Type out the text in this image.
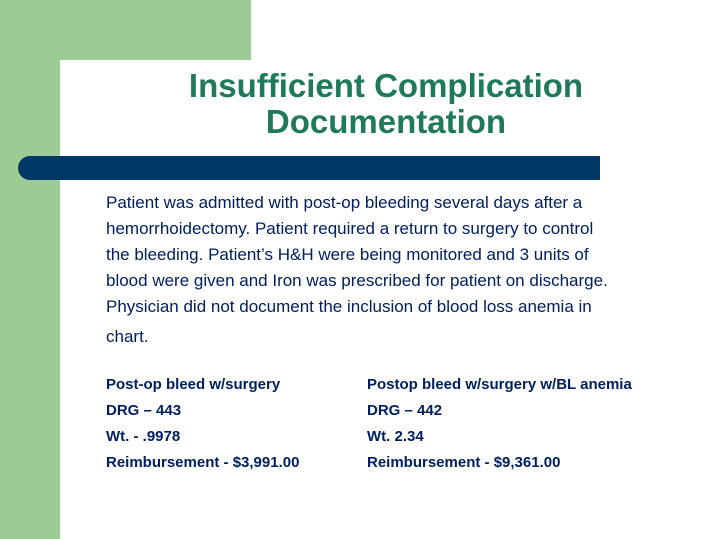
Insufficient Complication
Documentation
Patient was admitted with post-op bleeding several days after a
hemorrhoidectomy. Patient required a return to surgery to control
the bleeding. Patient’s H&H were being monitored and 3 units of
blood were given and Iron was prescribed for patient on discharge.
Physician did not document the inclusion of blood loss anemia in
chart.
Post-op bleed w/surgery
DRG – 443
Wt. - .9978
Reimbursement - $3,991.00
Postop bleed w/surgery w/BL anemia
DRG – 442
Wt. 2.34
Reimbursement - $9,361.00
